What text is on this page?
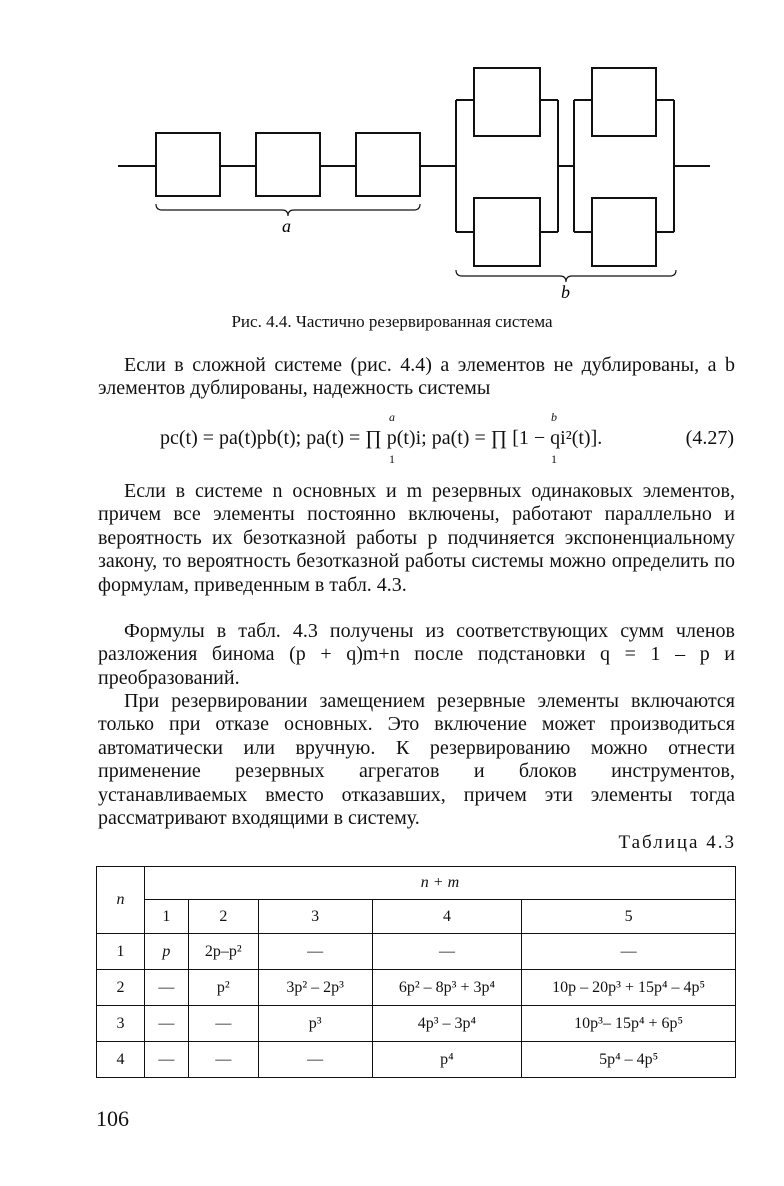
a
b
Рис. 4.4. Частично резервированная система

Если в сложной системе (рис. 4.4) a элементов не дублированы, а b элементов дублированы, надежность системы

a
1
b
1
pc(t) = pa(t)pb(t); pa(t) = ∏ p(t)i; pa(t) = ∏ [1 − qi²(t)].	(4.27)

Если в системе n основных и m резервных одинаковых элементов, причем все элементы постоянно включены, работают параллельно и вероятность их безотказной работы p подчиняется экспоненциальному закону, то вероятность безотказной работы системы можно определить по формулам, приведенным в табл. 4.3.

Формулы в табл. 4.3 получены из соответствующих сумм членов разложения бинома (p + q)m+n после подстановки q = 1 – p и преобразований.

При резервировании замещением резервные элементы включаются только при отказе основных. Это включение может производиться автоматически или вручную. К резервированию можно отнести применение резервных агрегатов и блоков инструментов, устанавливаемых вместо отказавших, причем эти элементы тогда рассматривают входящими в систему.

Таблица 4.3
n	n + m				
	1	2	3	4	5
1	p	2p–p²	—	—	—
2	—	p²	3p² – 2p³	6p² – 8p³ + 3p⁴	10p – 20p³ + 15p⁴ – 4p⁵
3	—	—	p³	4p³ – 3p⁴	10p³– 15p⁴ + 6p⁵
4	—	—	—	p⁴	5p⁴ – 4p⁵
106
